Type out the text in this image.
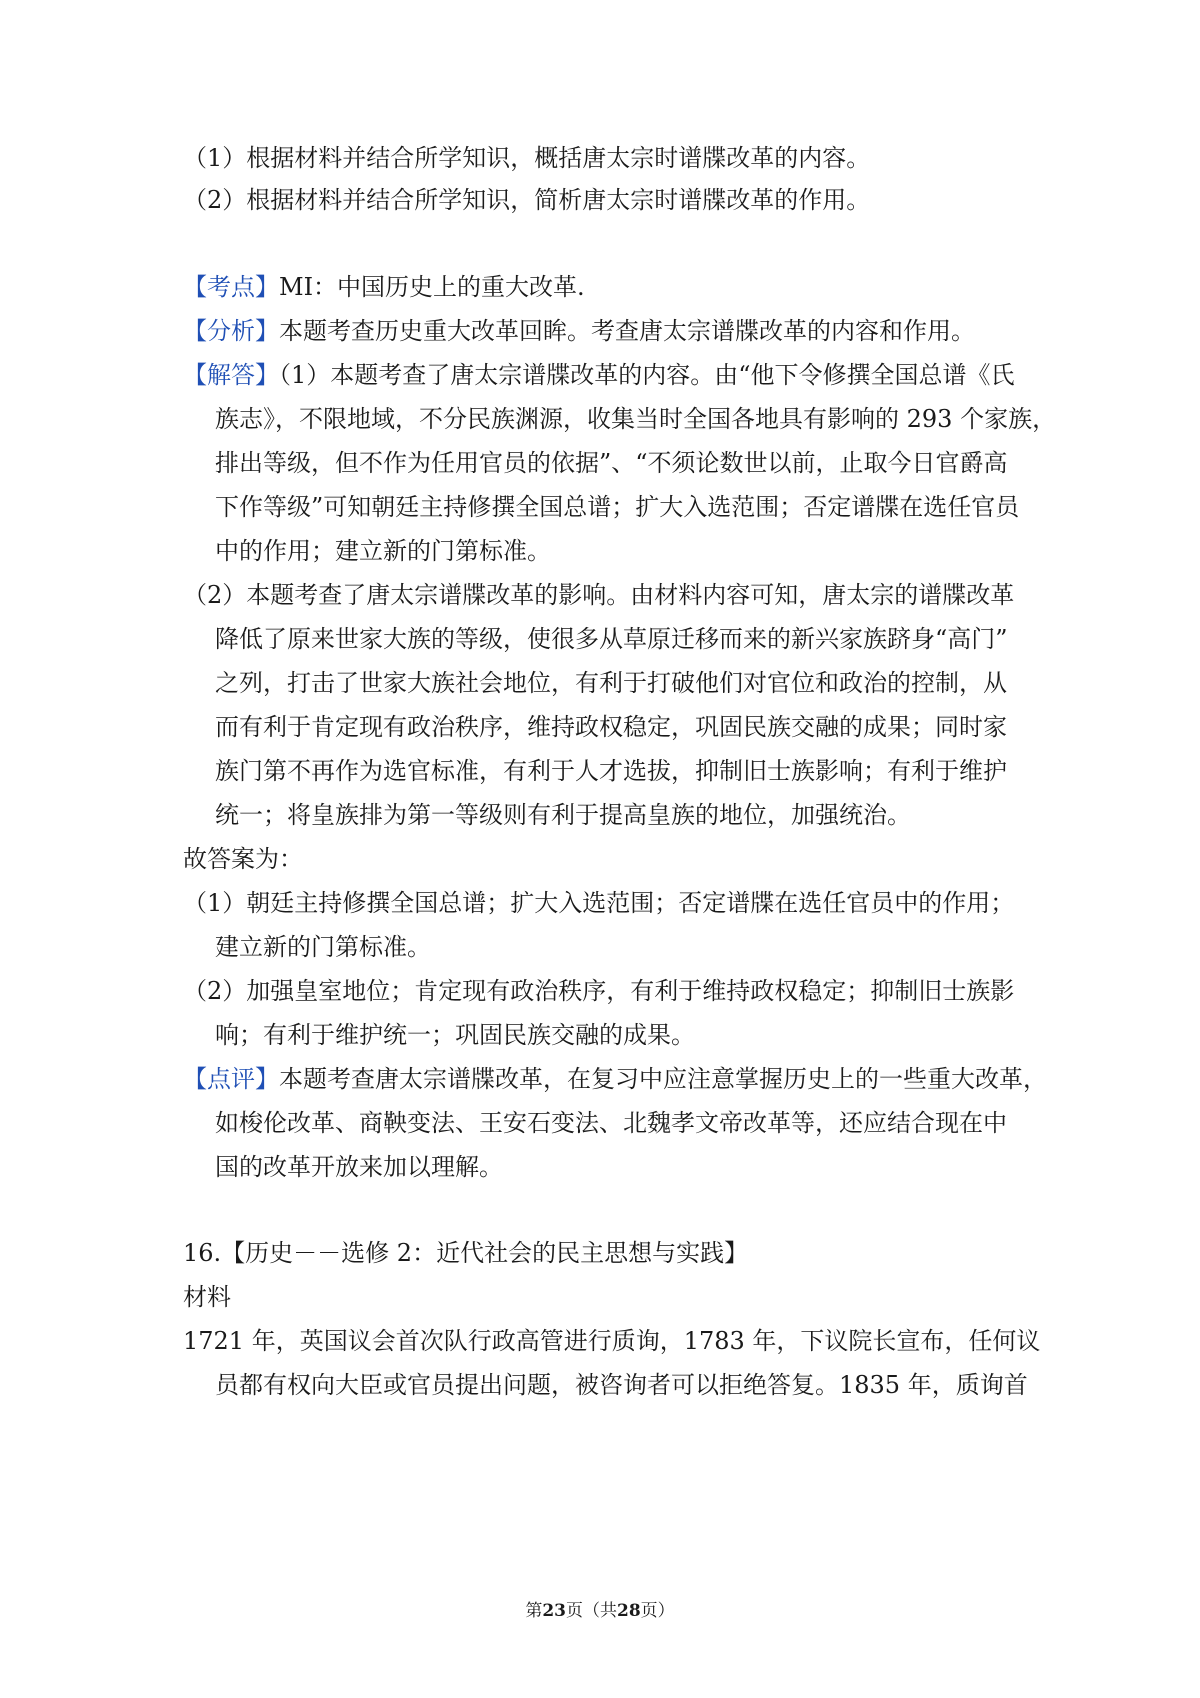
（1）根据材料并结合所学知识，概括唐太宗时谱牒改革的内容。
（2）根据材料并结合所学知识，简析唐太宗时谱牒改革的作用。
【考点】MI：中国历史上的重大改革.
【分析】本题考查历史重大改革回眸。考查唐太宗谱牒改革的内容和作用。
【解答】（1）本题考查了唐太宗谱牒改革的内容。由“他下令修撰全国总谱《氏
族志》，不限地域，不分民族渊源，收集当时全国各地具有影响的 293 个家族，
排出等级，但不作为任用官员的依据”、“不须论数世以前，止取今日官爵高
下作等级”可知朝廷主持修撰全国总谱；扩大入选范围；否定谱牒在选任官员
中的作用；建立新的门第标准。
（2）本题考查了唐太宗谱牒改革的影响。由材料内容可知，唐太宗的谱牒改革
降低了原来世家大族的等级，使很多从草原迁移而来的新兴家族跻身“高门”
之列，打击了世家大族社会地位，有利于打破他们对官位和政治的控制，从
而有利于肯定现有政治秩序，维持政权稳定，巩固民族交融的成果；同时家
族门第不再作为选官标准，有利于人才选拔，抑制旧士族影响；有利于维护
统一；将皇族排为第一等级则有利于提高皇族的地位，加强统治。
故答案为：
（1）朝廷主持修撰全国总谱；扩大入选范围；否定谱牒在选任官员中的作用；
建立新的门第标准。
（2）加强皇室地位；肯定现有政治秩序，有利于维持政权稳定；抑制旧士族影
响；有利于维护统一；巩固民族交融的成果。
【点评】本题考查唐太宗谱牒改革，在复习中应注意掌握历史上的一些重大改革，
如梭伦改革、商鞅变法、王安石变法、北魏孝文帝改革等，还应结合现在中
国的改革开放来加以理解。
16.【历史－－选修 2：近代社会的民主思想与实践】
材料
1721 年，英国议会首次队行政高管进行质询，1783 年，下议院长宣布，任何议
员都有权向大臣或官员提出问题，被咨询者可以拒绝答复。1835 年，质询首
第23页（共28页）
